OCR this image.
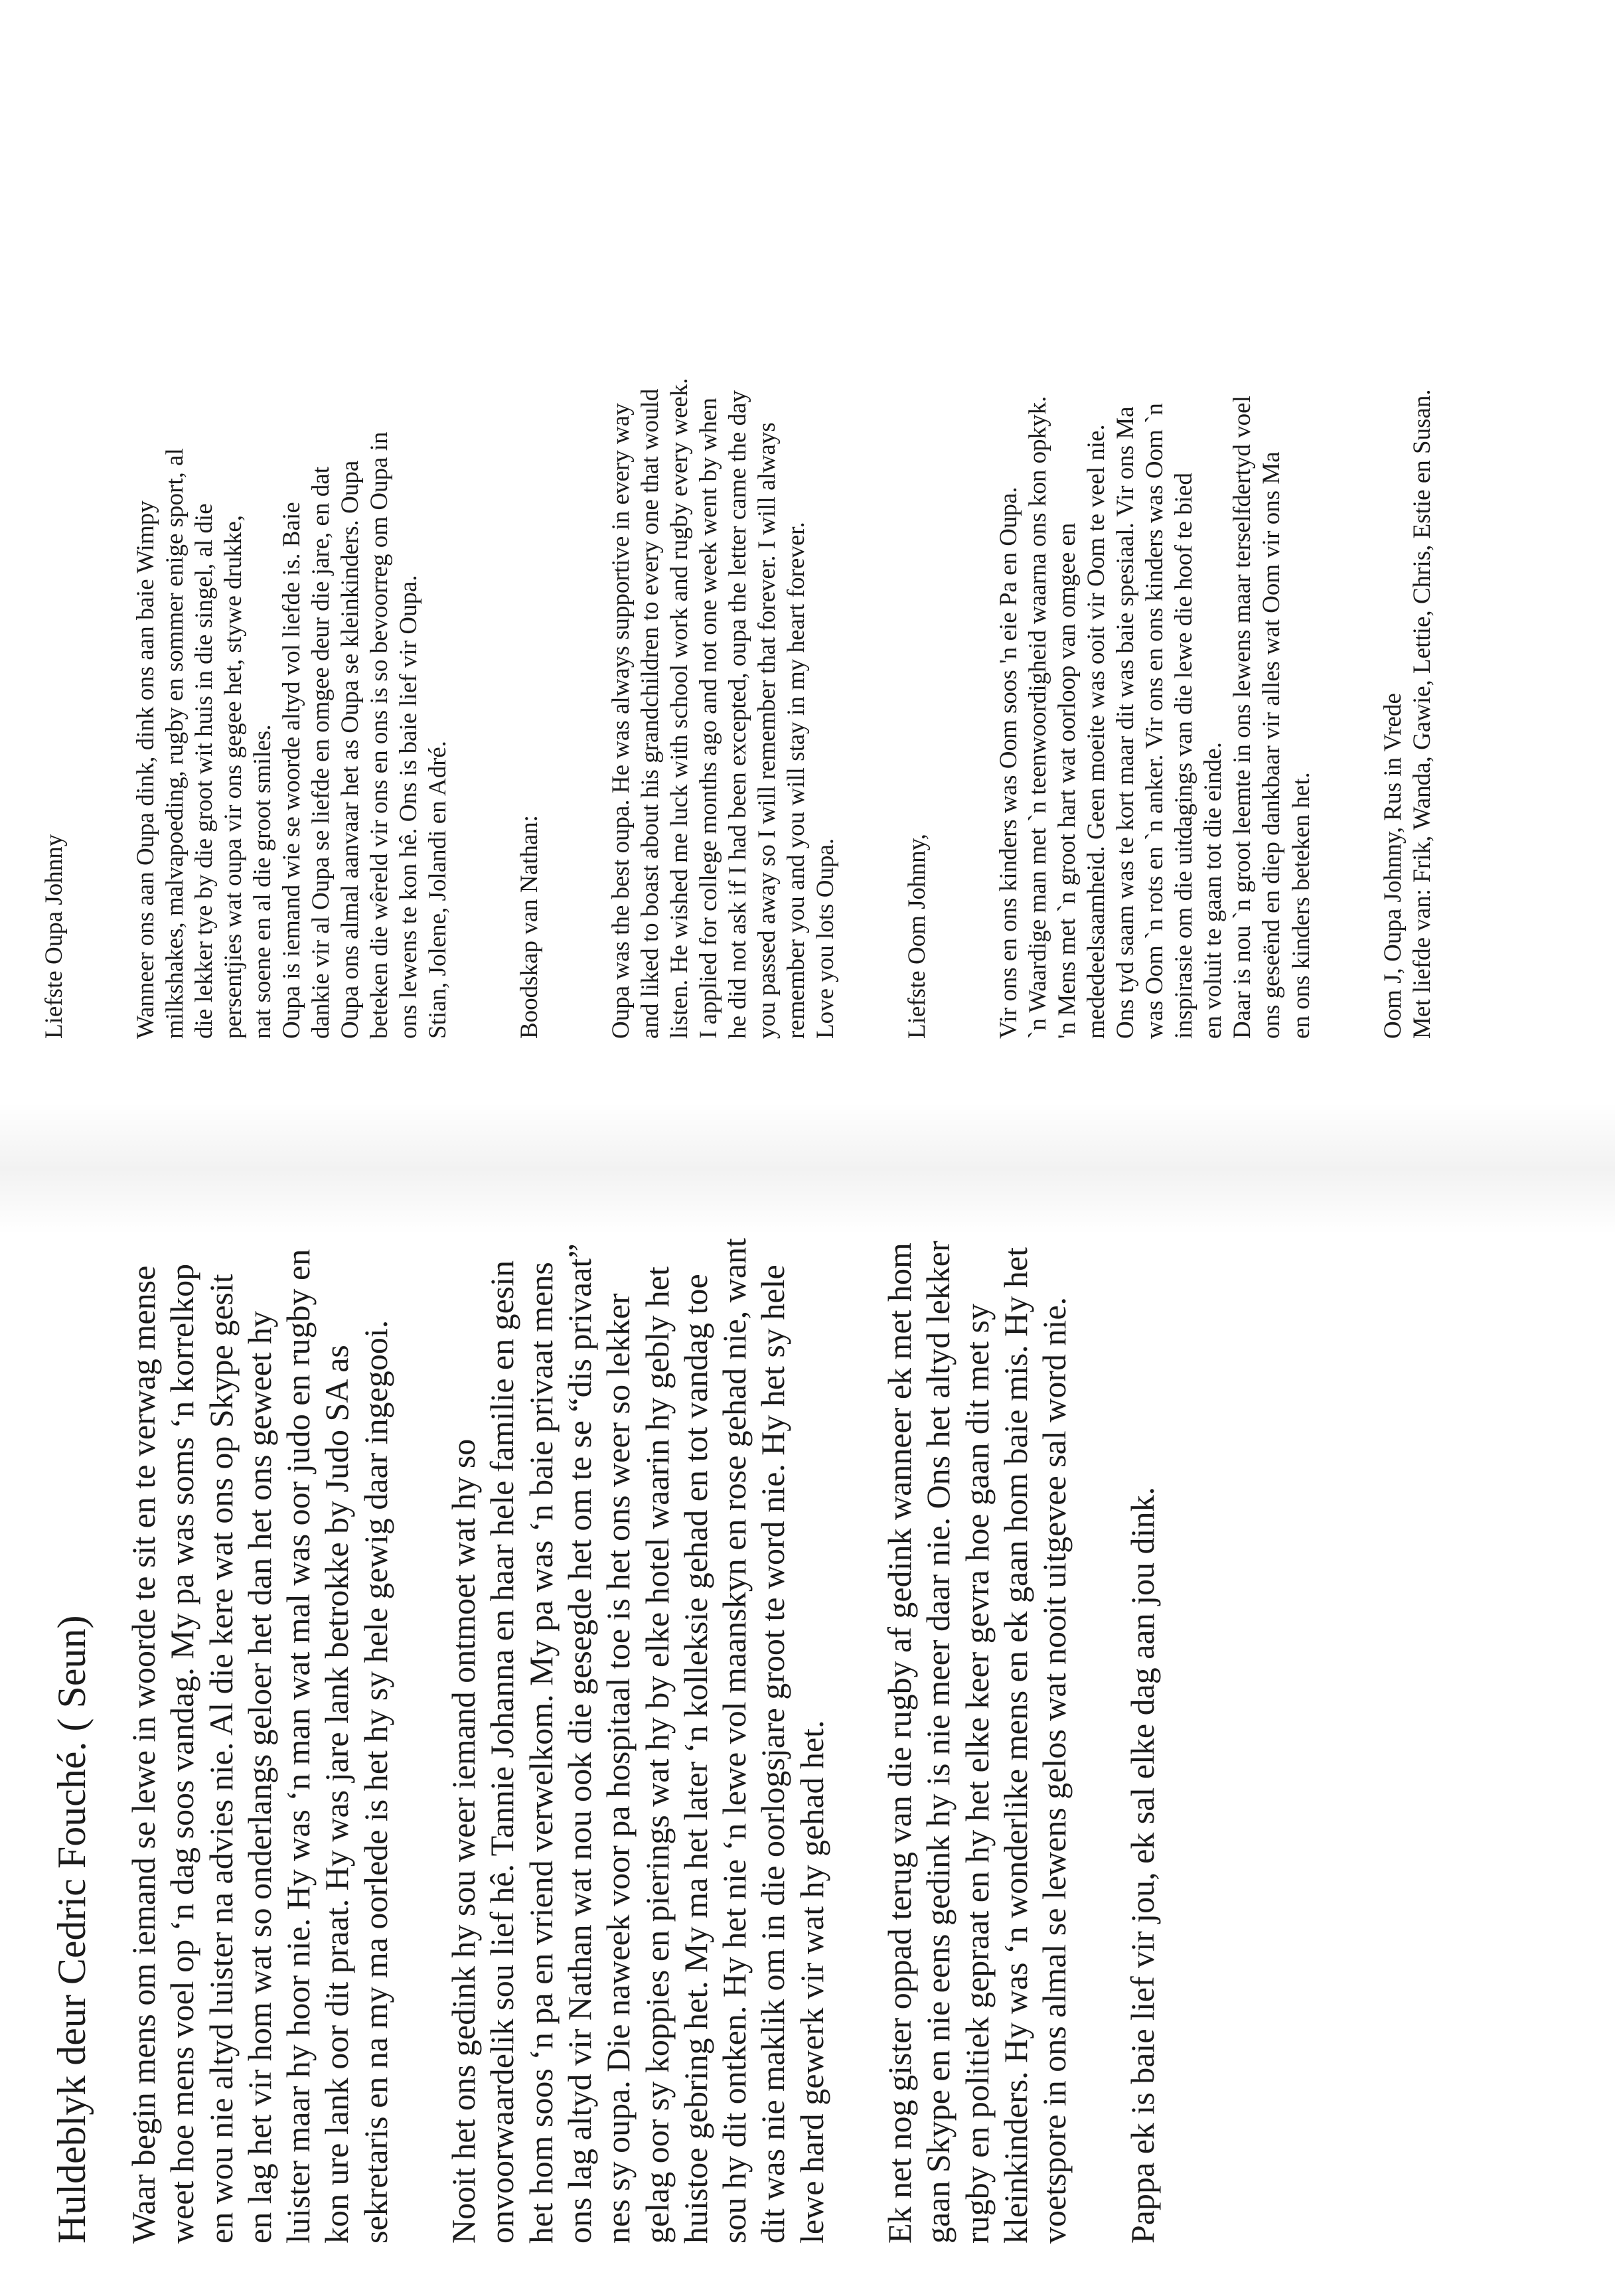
Huldeblyk deur Cedric Fouché. ( Seun) Waar begin mens om iemand se lewe in woorde te sit en te verwag mense weet hoe mens voel op ‘n dag soos vandag. My pa was soms ‘n korrelkop en wou nie altyd luister na advies nie. Al die kere wat ons op Skype gesit en lag het vir hom wat so onderlangs geloer het dan het ons geweet hy luister maar hy hoor nie. Hy was ‘n man wat mal was oor judo en rugby en kon ure lank oor dit praat. Hy was jare lank betrokke by Judo SA as sekretaris en na my ma oorlede is het hy sy hele gewig daar ingegooi. Nooit het ons gedink hy sou weer iemand ontmoet wat hy so onvoorwaardelik sou lief hê. Tannie Johanna en haar hele familie en gesin het hom soos ‘n pa en vriend verwelkom. My pa was ‘n baie privaat mens ons lag altyd vir Nathan wat nou ook die gesegde het om te se “dis privaat” nes sy oupa. Die naweek voor pa hospitaal toe is het ons weer so lekker gelag oor sy koppies en pierings wat hy by elke hotel waarin hy gebly het huistoe gebring het. My ma het later ‘n kolleksie gehad en tot vandag toe sou hy dit ontken. Hy het nie ‘n lewe vol maanskyn en rose gehad nie, want dit was nie maklik om in die oorlogsjare groot te word nie. Hy het sy hele lewe hard gewerk vir wat hy gehad het. Ek net nog gister oppad terug van die rugby af gedink wanneer ek met hom gaan Skype en nie eens gedink hy is nie meer daar nie. Ons het altyd lekker rugby en politiek gepraat en hy het elke keer gevra hoe gaan dit met sy kleinkinders. Hy was ‘n wonderlike mens en ek gaan hom baie mis. Hy het voetspore in ons almal se lewens gelos wat nooit uitgevee sal word nie. Pappa ek is baie lief vir jou, ek sal elke dag aan jou dink.

Liefste Oupa Johnny	Wanneer ons aan Oupa dink, dink ons aan baie Wimpy milkshakes, malvapoeding, rugby en sommer enige sport, al die lekker tye by die groot wit huis in die singel, al die persentjies wat oupa vir ons gegee het, stywe drukke, nat soene en al die groot smiles. Oupa is iemand wie se woorde altyd vol liefde is. Baie dankie vir al Oupa se liefde en omgee deur die jare, en dat Oupa ons almal aanvaar het as Oupa se kleinkinders. Oupa beteken die wêreld vir ons en ons is so bevoorreg om Oupa in ons lewens te kon hê. Ons is baie lief vir Oupa. Stian, Jolene, Jolandi en Adré.	Boodskap van Nathan:	Oupa was the best oupa. He was always supportive in every way and liked to boast about his grandchildren to every one that would listen. He wished me luck with school work and rugby every week. I applied for college months ago and not one week went by when he did not ask if I had been excepted, oupa the letter came the day you passed away so I will remember that forever. I will always remember you and you will stay in my heart forever. Love you lots Oupa.	Liefste Oom Johnny,	Vir ons en ons kinders was Oom soos 'n eie Pa en Oupa. `n Waardige man met `n teenwoordigheid waarna ons kon opkyk. 'n Mens met `n groot hart wat oorloop van omgee en mededeelsaamheid. Geen moeite was ooit vir Oom te veel nie. Ons tyd saam was te kort maar dit was baie spesiaal. Vir ons Ma was Oom `n rots en `n anker. Vir ons en ons kinders was Oom `n inspirasie om die uitdagings van die lewe die hoof te bied en voluit te gaan tot die einde. Daar is nou `n groot leemte in ons lewens maar terselfdertyd voel ons geseënd en diep dankbaar vir alles wat Oom vir ons Ma en ons kinders beteken het.	Oom J, Oupa Johnny, Rus in Vrede Met liefde van: Frik, Wanda, Gawie, Lettie, Chris, Estie en Susan.
